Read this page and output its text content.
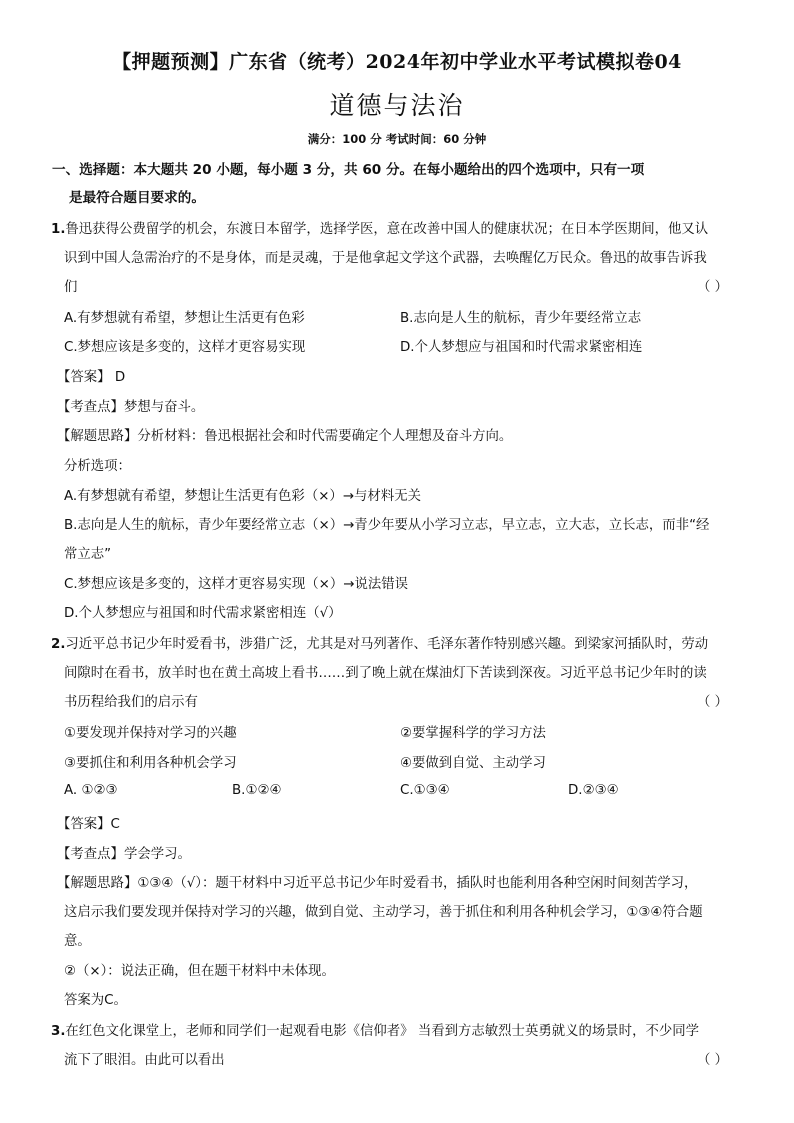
【押题预测】广东省（统考）2024年初中学业水平考试模拟卷04
道德与法治
满分：100 分 考试时间：60 分钟
一、选择题：本大题共 20 小题，每小题 3 分，共 60 分。在每小题给出的四个选项中，只有一项
是最符合题目要求的。
1.鲁迅获得公费留学的机会，东渡日本留学，选择学医，意在改善中国人的健康状况；在日本学医期间，他又认
识到中国人急需治疗的不是身体，而是灵魂，于是他拿起文学这个武器，去唤醒亿万民众。鲁迅的故事告诉我
们	（ ）
A.有梦想就有希望，梦想让生活更有色彩	B.志向是人生的航标，青少年要经常立志
C.梦想应该是多变的，这样才更容易实现	D.个人梦想应与祖国和时代需求紧密相连
【答案】 D
【考查点】梦想与奋斗。
【解题思路】分析材料：鲁迅根据社会和时代需要确定个人理想及奋斗方向。
分析选项：
A.有梦想就有希望，梦想让生活更有色彩（×）→与材料无关
B.志向是人生的航标，青少年要经常立志（×）→青少年要从小学习立志，早立志，立大志，立长志，而非“经
常立志”
C.梦想应该是多变的，这样才更容易实现（×）→说法错误
D.个人梦想应与祖国和时代需求紧密相连（√）
2.习近平总书记少年时爱看书，涉猎广泛，尤其是对马列著作、毛泽东著作特别感兴趣。到梁家河插队时，劳动
间隙时在看书，放羊时也在黄土高坡上看书……到了晚上就在煤油灯下苦读到深夜。习近平总书记少年时的读
书历程给我们的启示有	（ ）
①要发现并保持对学习的兴趣	②要掌握科学的学习方法
③要抓住和利用各种机会学习	④要做到自觉、主动学习
A. ①②③	B.①②④	C.①③④	D.②③④
【答案】C
【考查点】学会学习。
【解题思路】①③④（√）：题干材料中习近平总书记少年时爱看书，插队时也能利用各种空闲时间刻苦学习，
这启示我们要发现并保持对学习的兴趣，做到自觉、主动学习，善于抓住和利用各种机会学习，①③④符合题
意。
②（×）：说法正确，但在题干材料中未体现。
答案为C。
3.在红色文化课堂上，老师和同学们一起观看电影《信仰者》 当看到方志敏烈士英勇就义的场景时，不少同学
流下了眼泪。由此可以看出	（ ）
